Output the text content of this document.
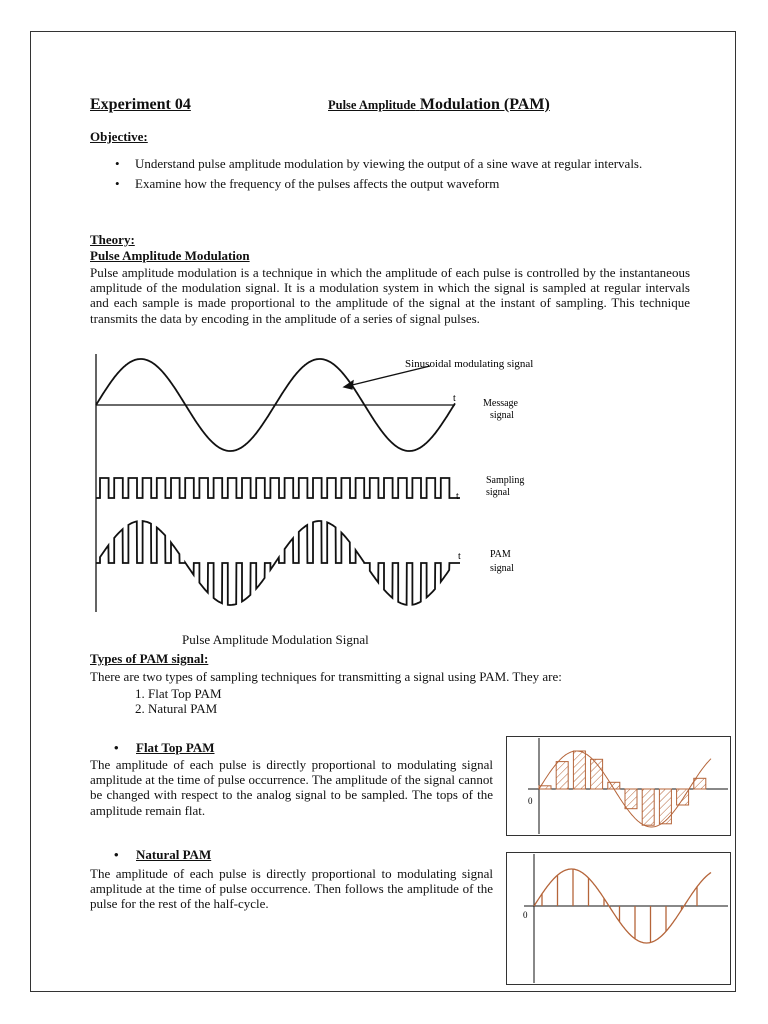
Experiment 04	Pulse Amplitude Modulation (PAM)
Objective:
• Understand pulse amplitude modulation by viewing the output of a sine wave at regular intervals.
• Examine how the frequency of the pulses affects the output waveform
Theory:
Pulse Amplitude Modulation
Pulse amplitude modulation is a technique in which the amplitude of each pulse is controlled by the instantaneous amplitude of the modulation signal. It is a modulation system in which the signal is sampled at regular intervals and each sample is made proportional to the amplitude of the signal at the instant of sampling. This technique transmits the data by encoding in the amplitude of a series of signal pulses.
Sinusoidal modulating signal
t	Message
signal
t
Sampling
signal
t	PAM
signal
Pulse Amplitude Modulation Signal
Types of PAM signal:
There are two types of sampling techniques for transmitting a signal using PAM. They are:
1. Flat Top PAM
2. Natural PAM
• Flat Top PAM
The amplitude of each pulse is directly proportional to modulating signal amplitude at the time of pulse occurrence. The amplitude of the signal cannot be changed with respect to the analog signal to be sampled. The tops of the amplitude remain flat.
0
• Natural PAM
The amplitude of each pulse is directly proportional to modulating signal amplitude at the time of pulse occurrence. Then follows the amplitude of the pulse for the rest of the half-cycle.
0
